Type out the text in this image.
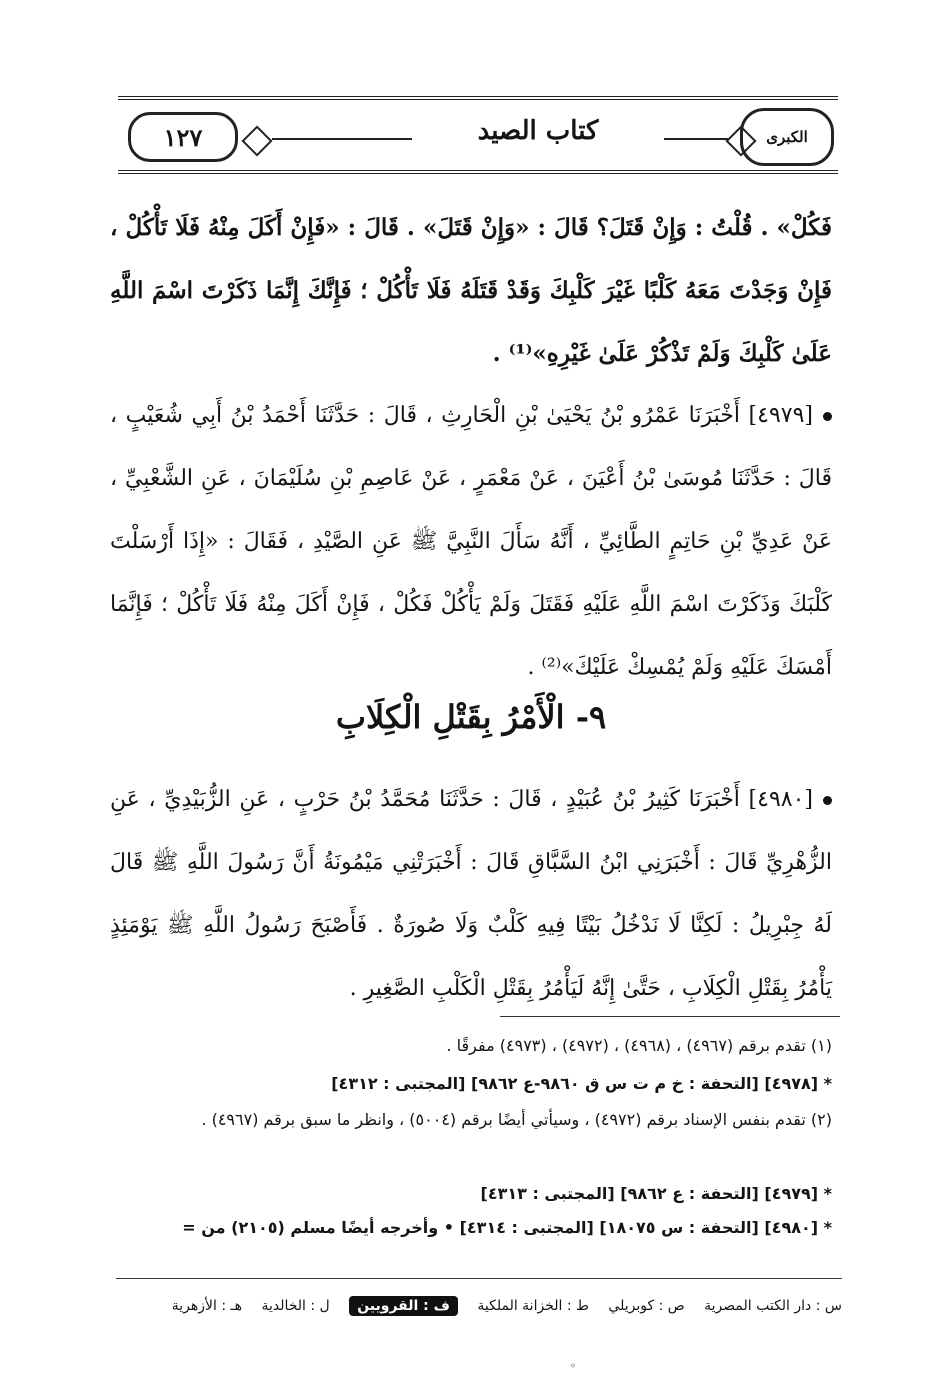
١٢٧	كتاب الصيد	الكبرى
فَكُلْ» . قُلْتُ : وَإِنْ قَتَلَ؟ قَالَ : «وَإِنْ قَتَلَ» . قَالَ : «فَإِنْ أَكَلَ مِنْهُ فَلَا تَأْكُلْ ، فَإِنْ وَجَدْتَ مَعَهُ كَلْبًا غَيْرَ كَلْبِكَ وَقَدْ قَتَلَهُ فَلَا تَأْكُلْ ؛ فَإِنَّكَ إِنَّمَا ذَكَرْتَ اسْمَ اللَّهِ عَلَىٰ كَلْبِكَ وَلَمْ تَذْكُرْ عَلَىٰ غَيْرِهِ»⁽¹⁾ .
[٤٩٧٩] أَخْبَرَنَا عَمْرُو بْنُ يَحْيَىٰ بْنِ الْحَارِثِ ، قَالَ : حَدَّثَنَا أَحْمَدُ بْنُ أَبِي شُعَيْبٍ ، قَالَ : حَدَّثَنَا مُوسَىٰ بْنُ أَعْيَنَ ، عَنْ مَعْمَرٍ ، عَنْ عَاصِمِ بْنِ سُلَيْمَانَ ، عَنِ الشَّعْبِيِّ ، عَنْ عَدِيِّ بْنِ حَاتِمٍ الطَّائِيِّ ، أَنَّهُ سَأَلَ النَّبِيَّ ﷺ عَنِ الصَّيْدِ ، فَقَالَ : «إِذَا أَرْسَلْتَ كَلْبَكَ وَذَكَرْتَ اسْمَ اللَّهِ عَلَيْهِ فَقَتَلَ وَلَمْ يَأْكُلْ فَكُلْ ، فَإِنْ أَكَلَ مِنْهُ فَلَا تَأْكُلْ ؛ فَإِنَّمَا أَمْسَكَ عَلَيْهِ وَلَمْ يُمْسِكْ عَلَيْكَ»⁽²⁾ .
٩- الْأَمْرُ بِقَتْلِ الْكِلَابِ
[٤٩٨٠] أَخْبَرَنَا كَثِيرُ بْنُ عُبَيْدٍ ، قَالَ : حَدَّثَنَا مُحَمَّدُ بْنُ حَرْبٍ ، عَنِ الزُّبَيْدِيِّ ، عَنِ الزُّهْرِيِّ قَالَ : أَخْبَرَنِي ابْنُ السَّبَّاقِ قَالَ : أَخْبَرَتْنِي مَيْمُونَةُ أَنَّ رَسُولَ اللَّهِ ﷺ قَالَ لَهُ جِبْرِيلُ : لَكِنَّا لَا نَدْخُلُ بَيْتًا فِيهِ كَلْبٌ وَلَا صُورَةٌ . فَأَصْبَحَ رَسُولُ اللَّهِ ﷺ يَوْمَئِذٍ يَأْمُرُ بِقَتْلِ الْكِلَابِ ، حَتَّىٰ إِنَّهُ لَيَأْمُرُ بِقَتْلِ الْكَلْبِ الصَّغِيرِ .
(١) تقدم برقم (٤٩٦٧) ، (٤٩٦٨) ، (٤٩٧٢) ، (٤٩٧٣) مفرقًا .
* [٤٩٧٨] [التحفة : خ م ت س ق ٩٨٦٠-ع ٩٨٦٢] [المجتبى : ٤٣١٢]
(٢) تقدم بنفس الإسناد برقم (٤٩٧٢) ، وسيأتي أيضًا برقم (٥٠٠٤) ، وانظر ما سبق برقم (٤٩٦٧) .
* [٤٩٧٩] [التحفة : ع ٩٨٦٢] [المجتبى : ٤٣١٣]
* [٤٩٨٠] [التحفة : س ١٨٠٧٥] [المجتبى : ٤٣١٤] • وأخرجه أيضًا مسلم (٢١٠٥) من =
س : دار الكتب المصرية ص : كوبريلي ط : الخزانة الملكية ف : القرويين ل : الخالدية هـ : الأزهرية
°
